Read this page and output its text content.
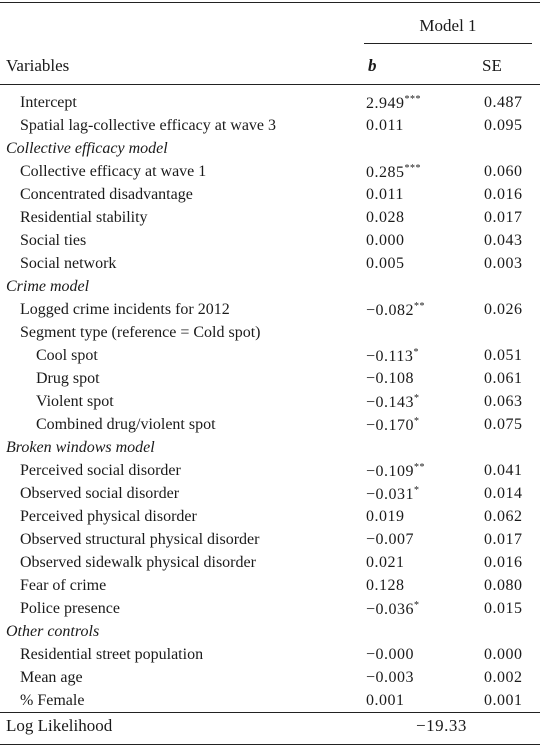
Model 1
Variables	b	SE
Intercept	2.949***	0.487
Spatial lag-collective efficacy at wave 3	0.011	0.095
Collective efficacy model
Collective efficacy at wave 1	0.285***	0.060
Concentrated disadvantage	0.011	0.016
Residential stability	0.028	0.017
Social ties	0.000	0.043
Social network	0.005	0.003
Crime model
Logged crime incidents for 2012	−0.082**	0.026
Segment type (reference = Cold spot)
Cool spot	−0.113*	0.051
Drug spot	−0.108	0.061
Violent spot	−0.143*	0.063
Combined drug/violent spot	−0.170*	0.075
Broken windows model
Perceived social disorder	−0.109**	0.041
Observed social disorder	−0.031*	0.014
Perceived physical disorder	0.019	0.062
Observed structural physical disorder	−0.007	0.017
Observed sidewalk physical disorder	0.021	0.016
Fear of crime	0.128	0.080
Police presence	−0.036*	0.015
Other controls
Residential street population	−0.000	0.000
Mean age	−0.003	0.002
% Female	0.001	0.001
Log Likelihood	−19.33
